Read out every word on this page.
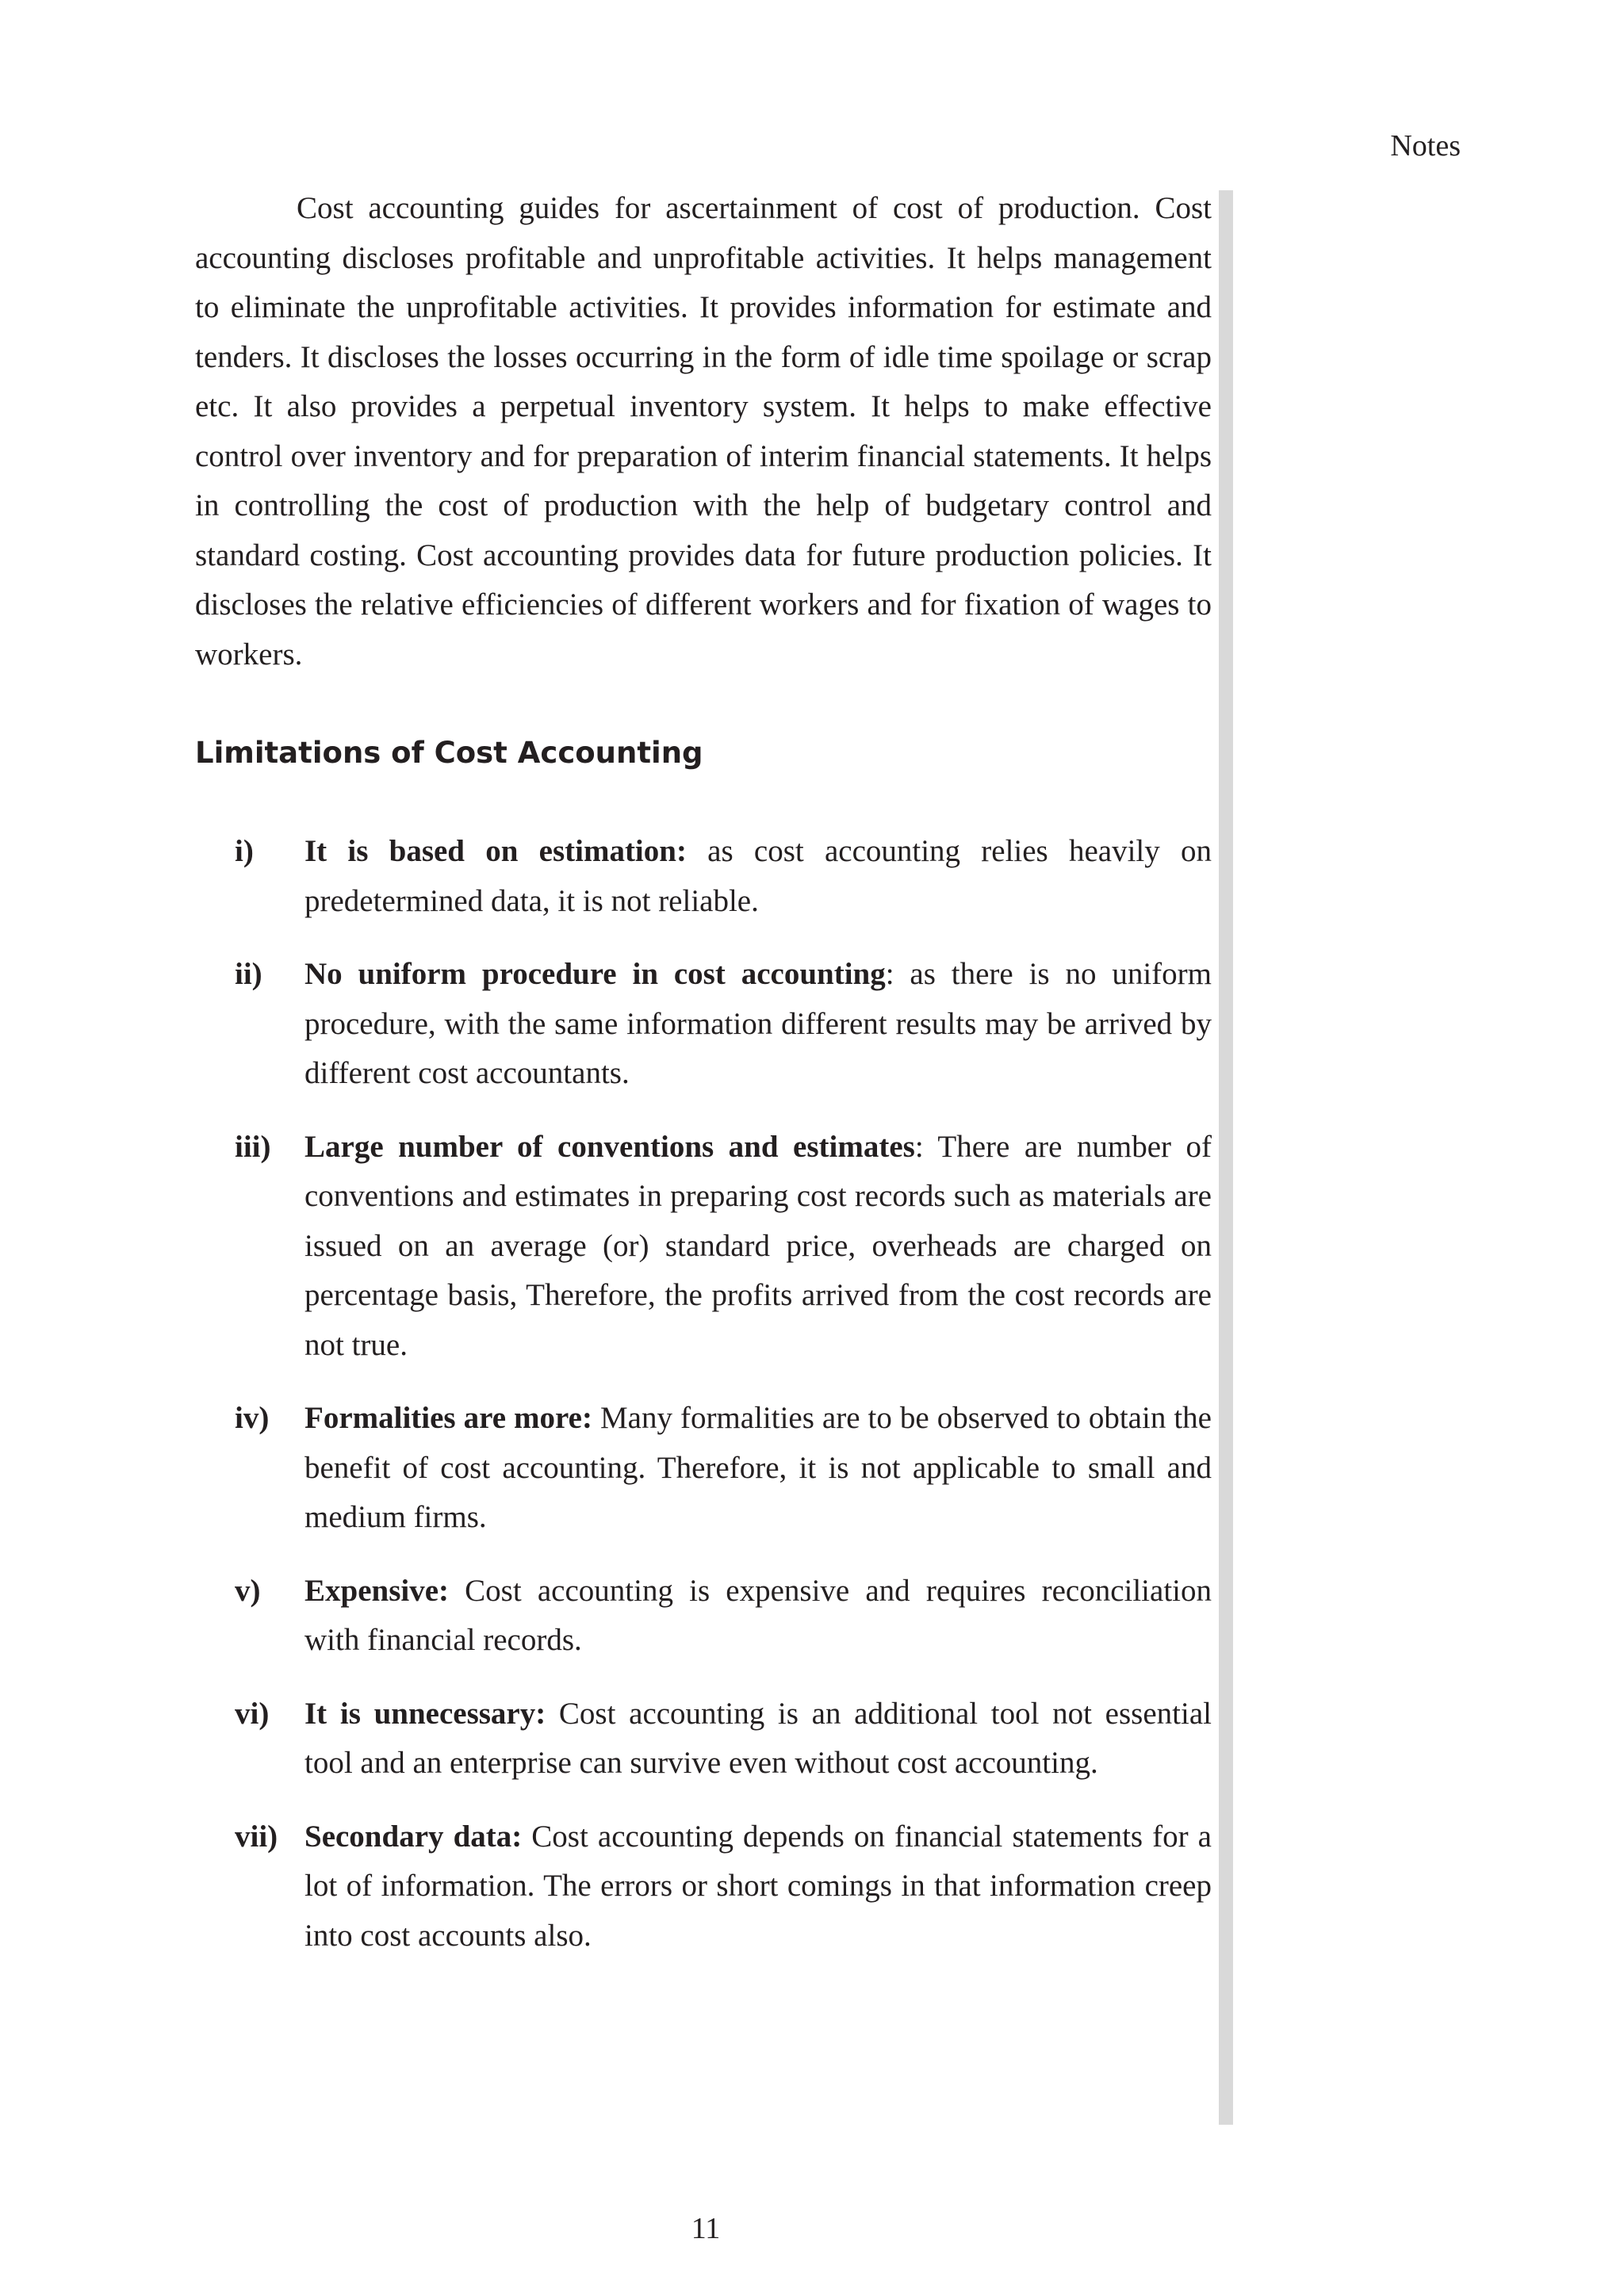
Notes

Cost accounting guides for ascertainment of cost of production. Cost accounting discloses profitable and unprofitable activities. It helps management to eliminate the unprofitable activities. It provides information for estimate and tenders. It discloses the losses occurring in the form of idle time spoilage or scrap etc. It also provides a perpetual inventory system. It helps to make effective control over inventory and for preparation of interim financial statements. It helps in controlling the cost of production with the help of budgetary control and standard costing. Cost accounting provides data for future production policies. It discloses the relative efficiencies of different workers and for fixation of wages to workers.

Limitations of Cost Accounting
i)	It is based on estimation: as cost accounting relies heavily on predetermined data, it is not reliable.
ii)	No uniform procedure in cost accounting: as there is no uniform procedure, with the same information different results may be arrived by different cost accountants.
iii)	Large number of conventions and estimates: There are number of conventions and estimates in preparing cost records such as materials are issued on an average (or) standard price, overheads are charged on percentage basis, Therefore, the profits arrived from the cost records are not true.
iv)	Formalities are more: Many formalities are to be observed to obtain the benefit of cost accounting. Therefore, it is not applicable to small and medium firms.
v)	Expensive: Cost accounting is expensive and requires reconciliation with financial records.
vi)	It is unnecessary: Cost accounting is an additional tool not essential tool and an enterprise can survive even without cost accounting.
vii) Secondary data: Cost accounting depends on financial statements for a lot of information. The errors or short comings in that information creep into cost accounts also.
11
